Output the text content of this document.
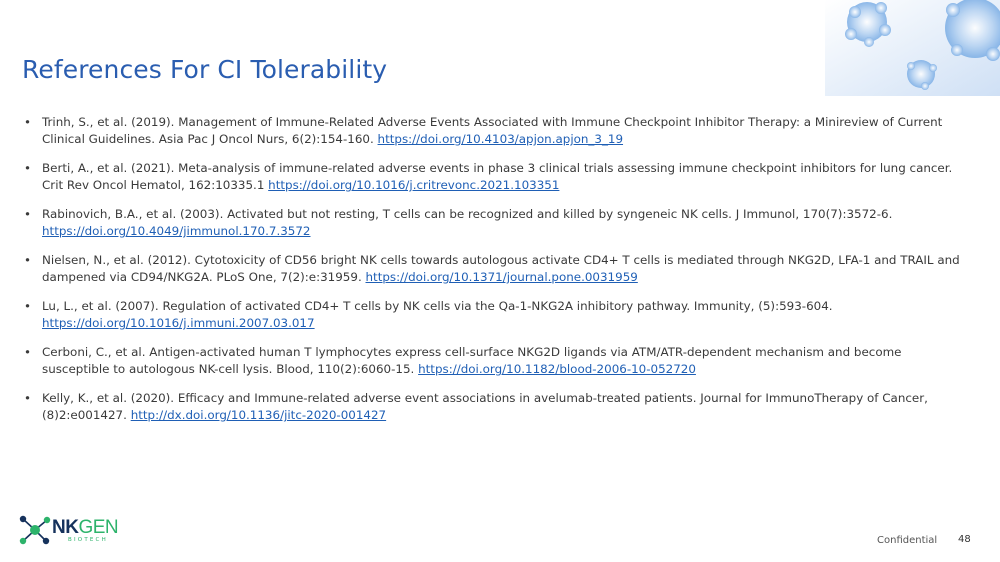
References For CI Tolerability
• Trinh, S., et al. (2019). Management of Immune-Related Adverse Events Associated with Immune Checkpoint Inhibitor Therapy: a Minireview of Current Clinical Guidelines. Asia Pac J Oncol Nurs, 6(2):154-160. https://doi.org/10.4103/apjon.apjon_3_19
• Berti, A., et al. (2021). Meta-analysis of immune-related adverse events in phase 3 clinical trials assessing immune checkpoint inhibitors for lung cancer. Crit Rev Oncol Hematol, 162:10335.1 https://doi.org/10.1016/j.critrevonc.2021.103351
• Rabinovich, B.A., et al. (2003). Activated but not resting, T cells can be recognized and killed by syngeneic NK cells. J Immunol, 170(7):3572-6. https://doi.org/10.4049/jimmunol.170.7.3572
• Nielsen, N., et al. (2012). Cytotoxicity of CD56 bright NK cells towards autologous activate CD4+ T cells is mediated through NKG2D, LFA-1 and TRAIL and dampened via CD94/NKG2A. PLoS One, 7(2):e:31959. https://doi.org/10.1371/journal.pone.0031959
• Lu, L., et al. (2007). Regulation of activated CD4+ T cells by NK cells via the Qa-1-NKG2A inhibitory pathway. Immunity, (5):593-604. https://doi.org/10.1016/j.immuni.2007.03.017
• Cerboni, C., et al. Antigen-activated human T lymphocytes express cell-surface NKG2D ligands via ATM/ATR-dependent mechanism and become susceptible to autologous NK-cell lysis. Blood, 110(2):6060-15. https://doi.org/10.1182/blood-2006-10-052720
• Kelly, K., et al. (2020). Efficacy and Immune-related adverse event associations in avelumab-treated patients. Journal for ImmunoTherapy of Cancer, (8)2:e001427. http://dx.doi.org/10.1136/jitc-2020-001427
NKGEN
BIOTECH	Confidential 48
